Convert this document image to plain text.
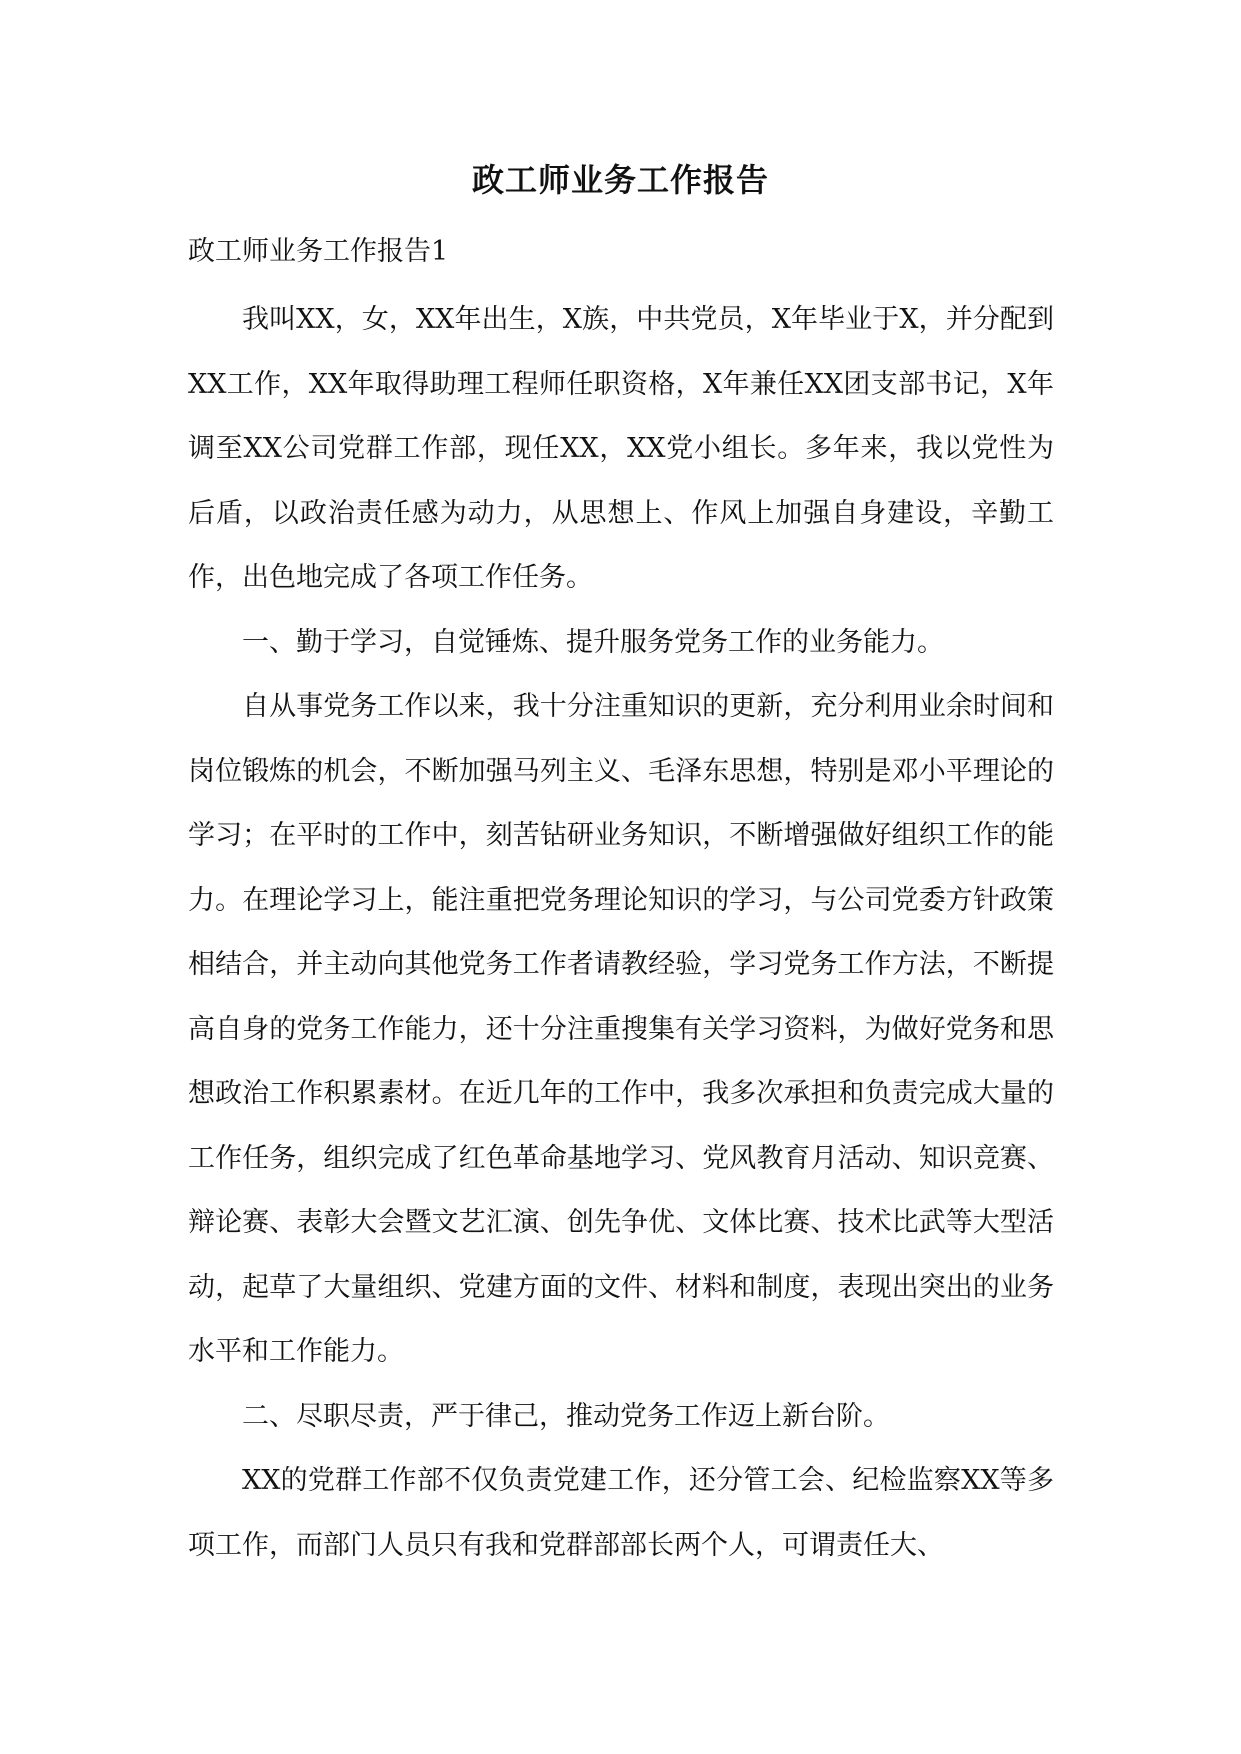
政工师业务工作报告
政工师业务工作报告1

我叫XX，女，XX年出生，X族，中共党员，X年毕业于X，并分配到XX工作，XX年取得助理工程师任职资格，X年兼任XX团支部书记，X年调至XX公司党群工作部，现任XX，XX党小组长。多年来，我以党性为后盾，以政治责任感为动力，从思想上、作风上加强自身建设，辛勤工作，出色地完成了各项工作任务。

一、勤于学习，自觉锤炼、提升服务党务工作的业务能力。

自从事党务工作以来，我十分注重知识的更新，充分利用业余时间和岗位锻炼的机会，不断加强马列主义、毛泽东思想，特别是邓小平理论的学习；在平时的工作中，刻苦钻研业务知识，不断增强做好组织工作的能力。在理论学习上，能注重把党务理论知识的学习，与公司党委方针政策相结合，并主动向其他党务工作者请教经验，学习党务工作方法，不断提高自身的党务工作能力，还十分注重搜集有关学习资料，为做好党务和思想政治工作积累素材。在近几年的工作中，我多次承担和负责完成大量的工作任务，组织完成了红色革命基地学习、党风教育月活动、知识竞赛、辩论赛、表彰大会暨文艺汇演、创先争优、文体比赛、技术比武等大型活动，起草了大量组织、党建方面的文件、材料和制度，表现出突出的业务水平和工作能力。

二、尽职尽责，严于律己，推动党务工作迈上新台阶。

XX的党群工作部不仅负责党建工作，还分管工会、纪检监察XX等多项工作，而部门人员只有我和党群部部长两个人，可谓责任大、
